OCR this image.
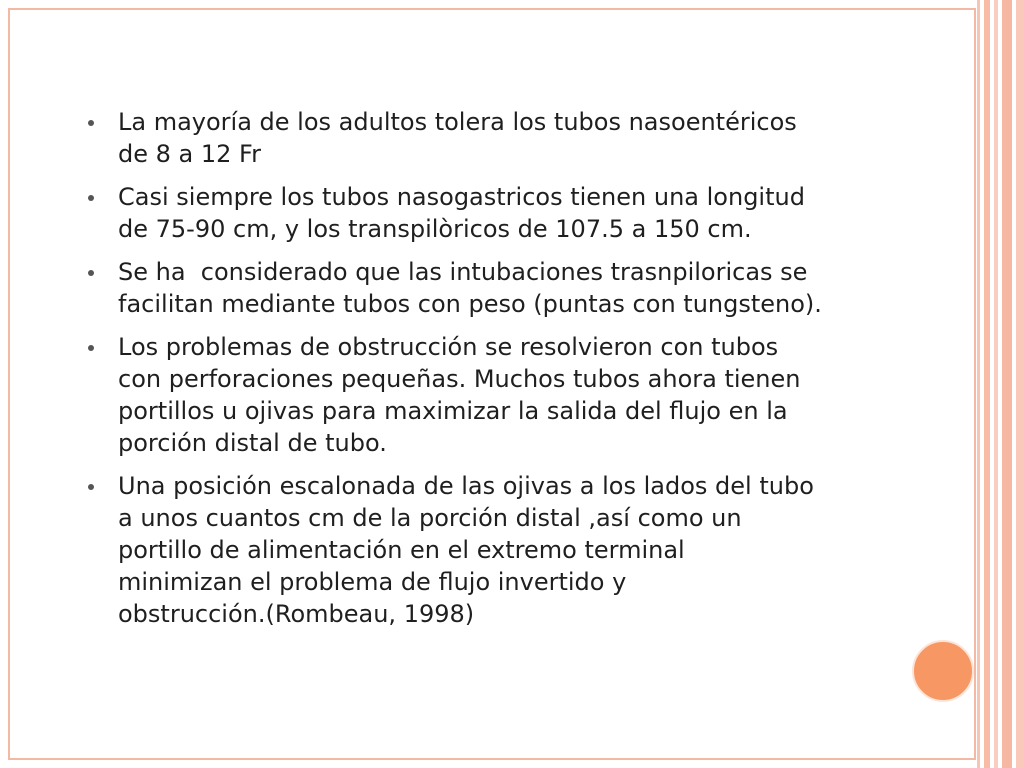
La mayoría de los adultos tolera los tubos nasoentéricos
de 8 a 12 Fr
Casi siempre los tubos nasogastricos tienen una longitud
de 75-90 cm, y los transpilòricos de 107.5 a 150 cm.
Se ha  considerado que las intubaciones trasnpiloricas se
facilitan mediante tubos con peso (puntas con tungsteno).
Los problemas de obstrucción se resolvieron con tubos
con perforaciones pequeñas. Muchos tubos ahora tienen
portillos u ojivas para maximizar la salida del flujo en la
porción distal de tubo.
Una posición escalonada de las ojivas a los lados del tubo
a unos cuantos cm de la porción distal ,así como un
portillo de alimentación en el extremo terminal
minimizan el problema de flujo invertido y
obstrucción.(Rombeau, 1998)
